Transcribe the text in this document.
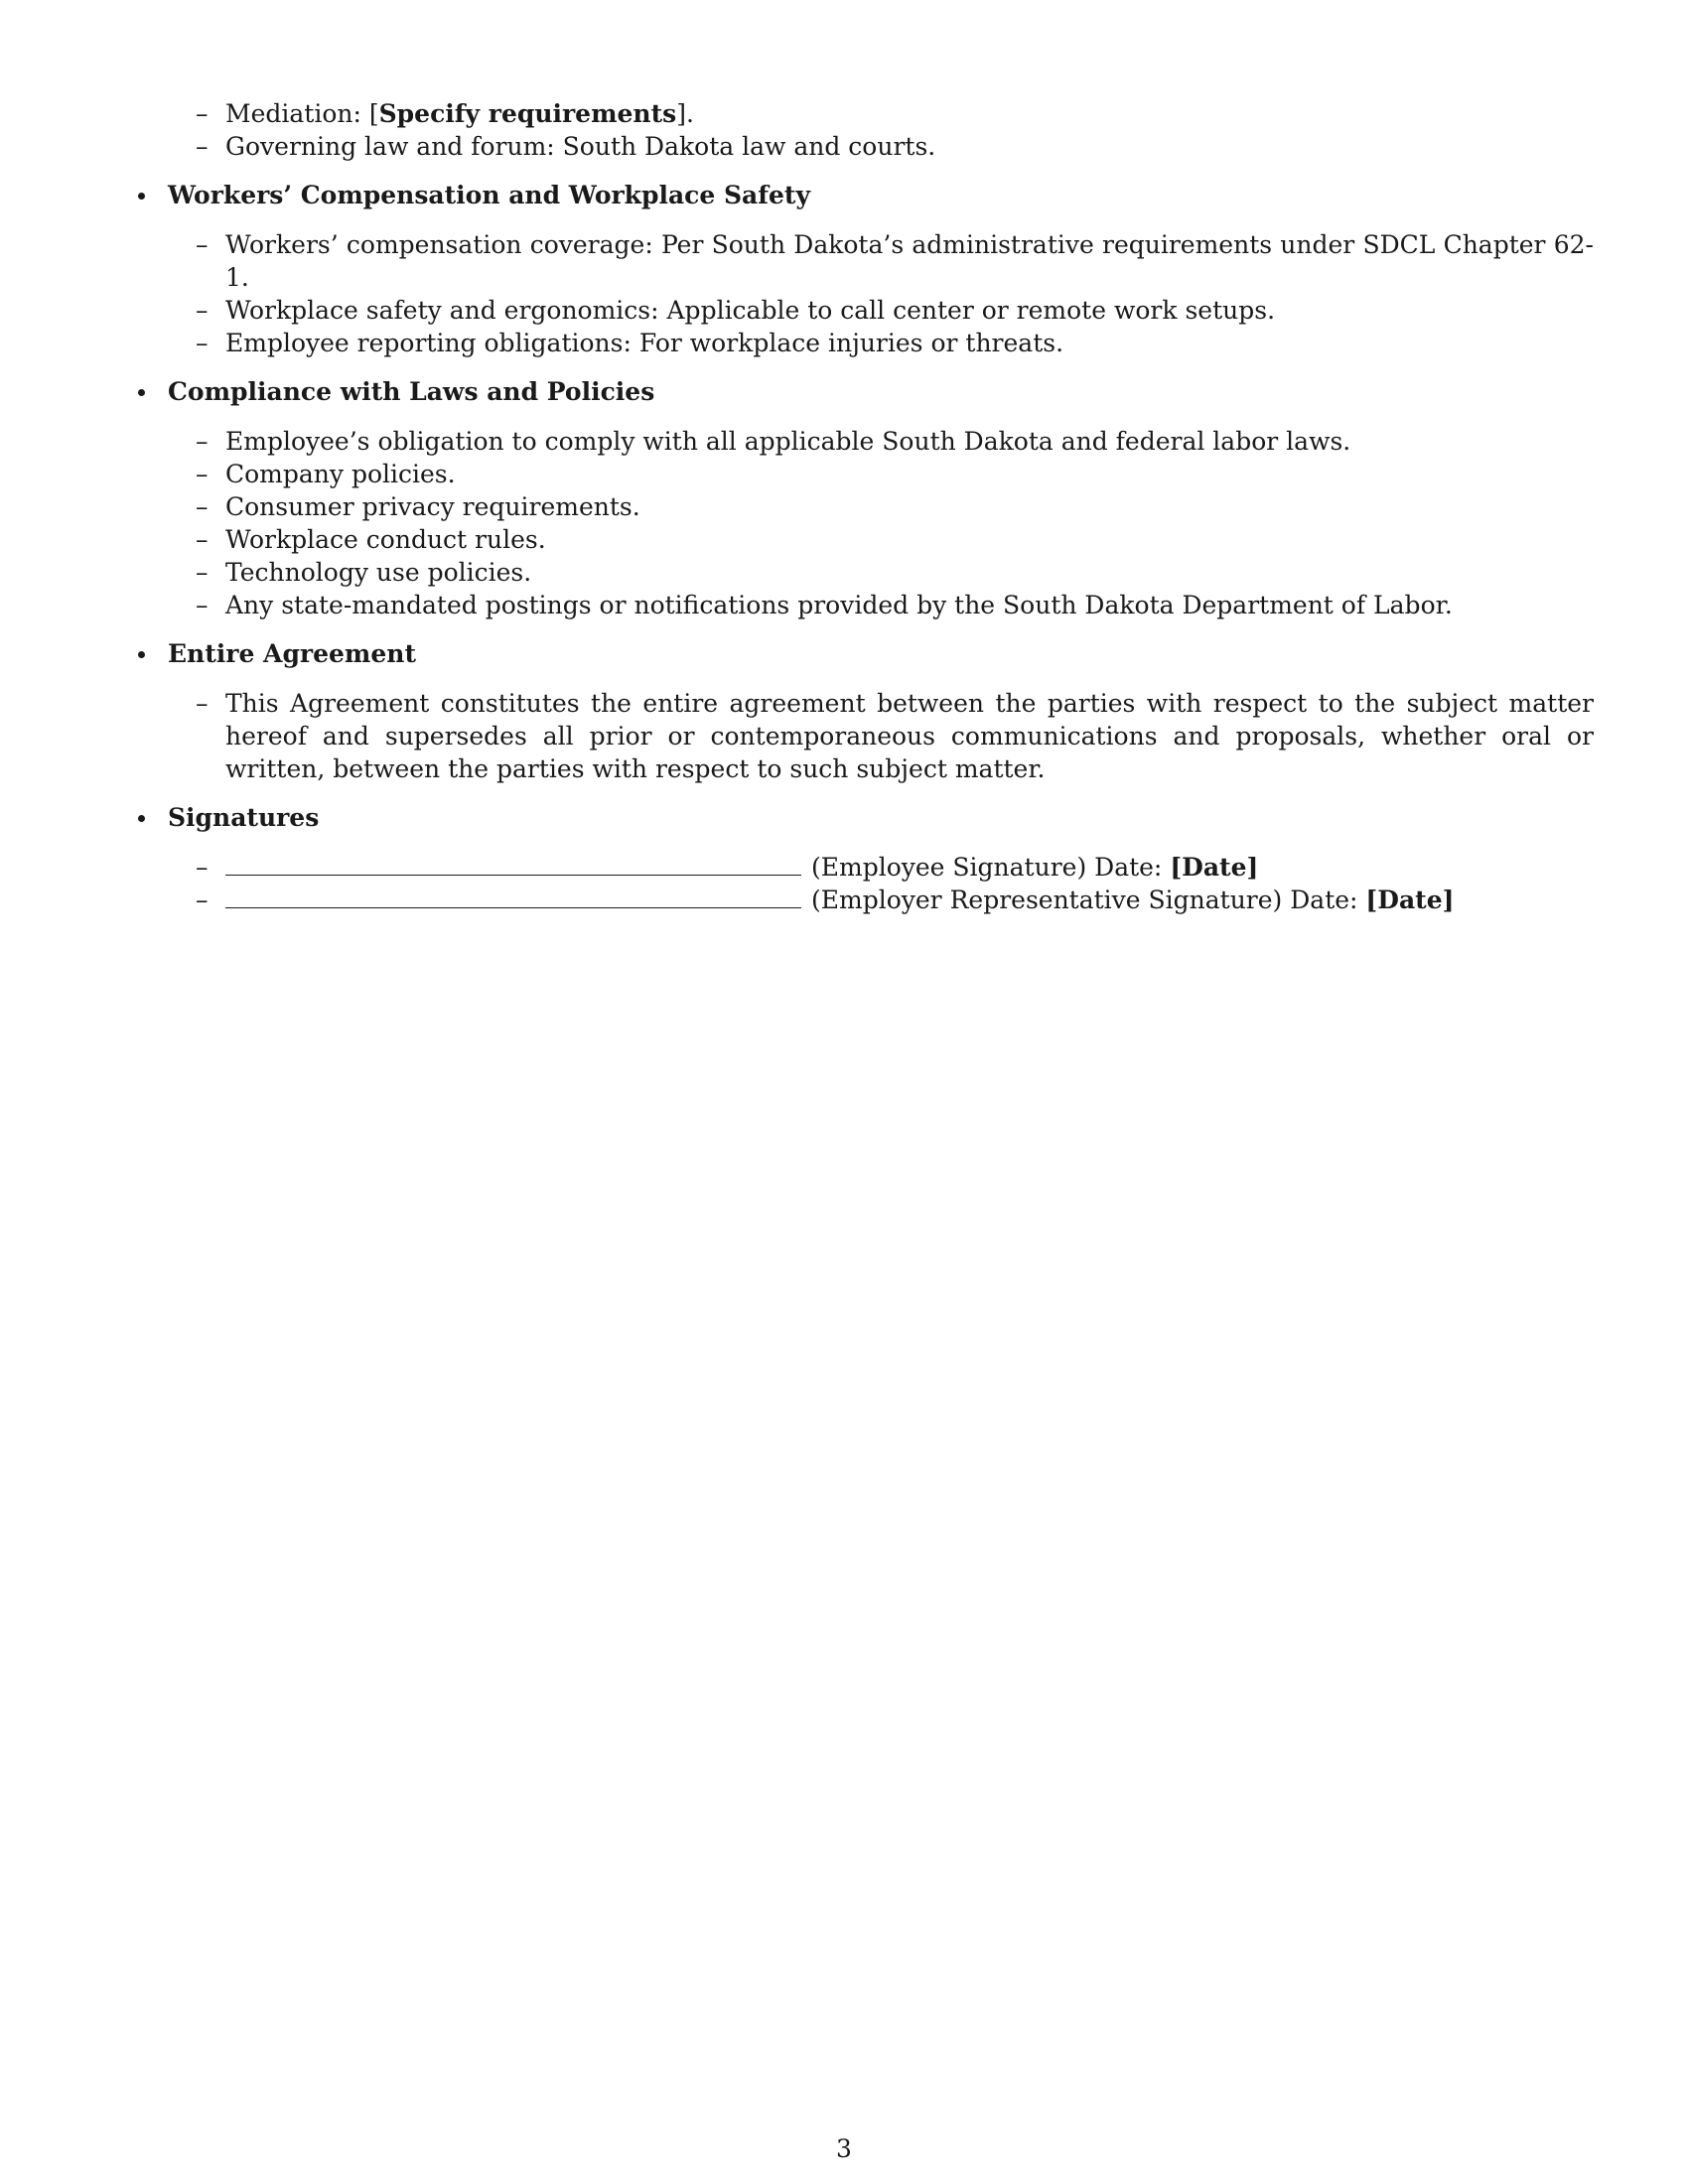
– Mediation: [Specify requirements].
– Governing law and forum: South Dakota law and courts.
Workers’ Compensation and Workplace Safety
– Workers’ compensation coverage: Per South Dakota’s administrative requirements under SDCL Chapter 62-1.
– Workplace safety and ergonomics: Applicable to call center or remote work setups.
– Employee reporting obligations: For workplace injuries or threats.
Compliance with Laws and Policies
– Employee’s obligation to comply with all applicable South Dakota and federal labor laws.
– Company policies.
– Consumer privacy requirements.
– Workplace conduct rules.
– Technology use policies.
– Any state-mandated postings or notifications provided by the South Dakota Department of Labor.
Entire Agreement
– This Agreement constitutes the entire agreement between the parties with respect to the subject matter hereof and supersedes all prior or contemporaneous communications and proposals, whether oral or written, between the parties with respect to such subject matter.
Signatures
– (Employee Signature) Date: [Date]
– (Employer Representative Signature) Date: [Date]
3
